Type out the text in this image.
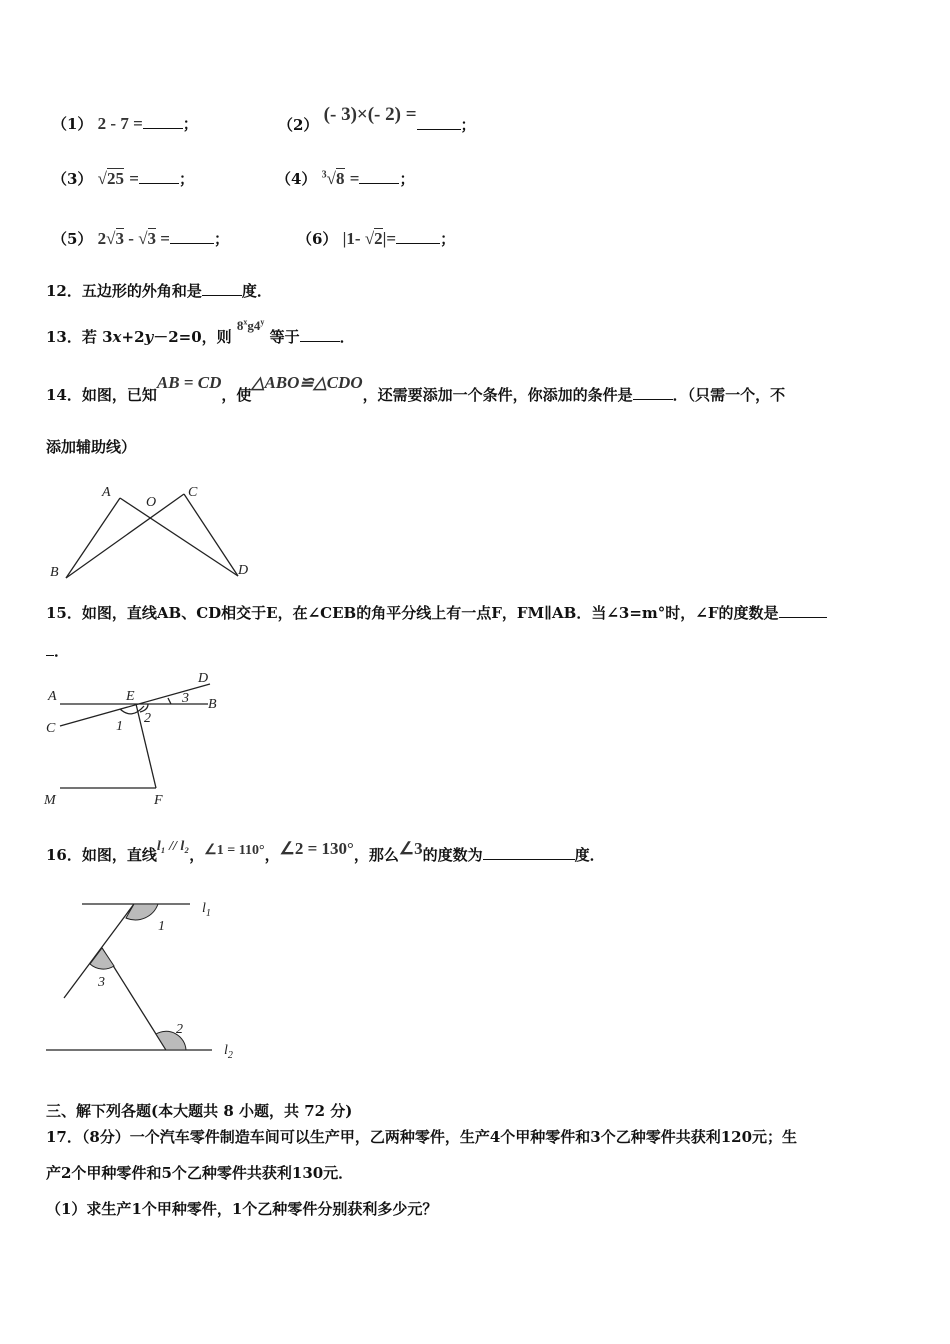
（1） 2 - 7 =	；	（2） (- 3)×(- 2) =	；
（3） √25 =	；	（4） $^3$√8 =	；
（5） 2√3 - √3 =	；	（6） |1- √2|=	；
12．五边形的外角和是	度．
13．若 3x+2y－2=0，则 8$^x$g4$^y$ 等于	．
14．如图，已知AB = CD，使△ABO≌△CDO，还需要添加一个条件，你添加的条件是	．（只需一个，不
添加辅助线）
A
O
C
B	D
15．如图，直线AB、CD相交于E，在∠CEB的角平分线上有一点F，FM∥AB．当∠3=m°时，∠F的度数是
．
A	E
B
C
D
M	F
1
2
3
16．如图，直线l₁ // l₂，∠1 = 110°，∠2 = 130°，那么∠3的度数为	度．
1
3
2
$l_1$
$l_2$
三、解下列各题(本大题共 8 小题，共 72 分)
17．（8分）一个汽车零件制造车间可以生产甲，乙两种零件，生产4个甲种零件和3个乙种零件共获利120元；生
产2个甲种零件和5个乙种零件共获利130元．
（1）求生产1个甲种零件，1个乙种零件分别获利多少元？
